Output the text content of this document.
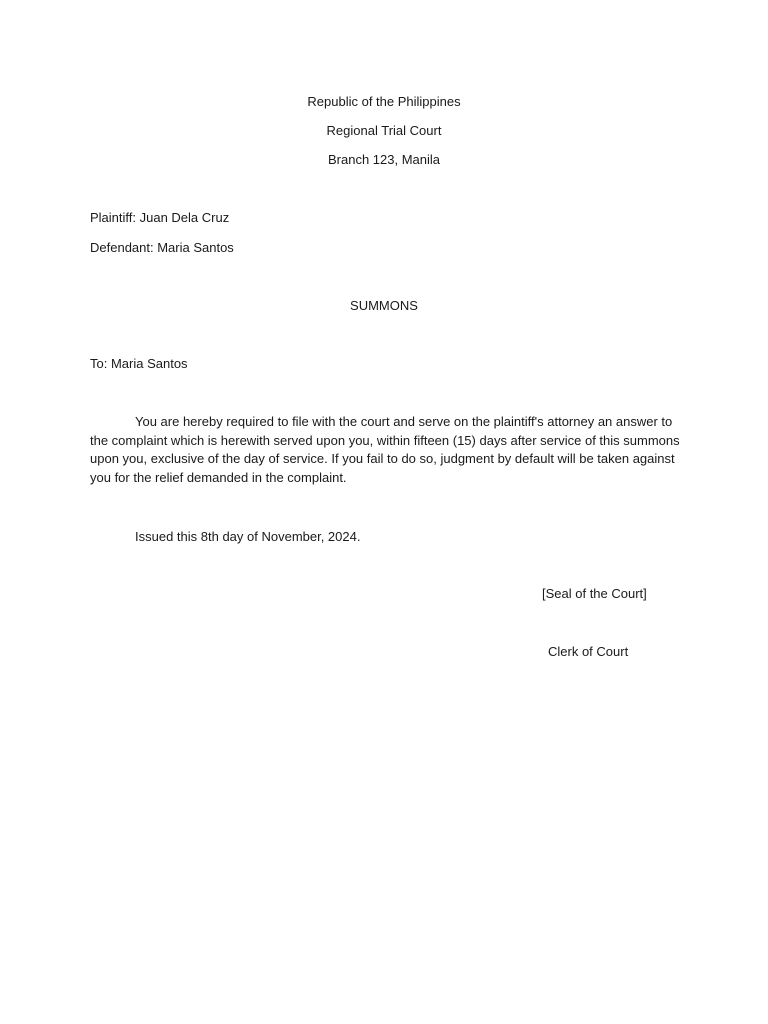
Republic of the Philippines
Regional Trial Court
Branch 123, Manila
Plaintiff: Juan Dela Cruz
Defendant: Maria Santos
SUMMONS
To: Maria Santos

You are hereby required to file with the court and serve on the plaintiff's attorney an answer to the complaint which is herewith served upon you, within fifteen (15) days after service of this summons upon you, exclusive of the day of service. If you fail to do so, judgment by default will be taken against you for the relief demanded in the complaint.

Issued this 8th day of November, 2024.
[Seal of the Court]
Clerk of Court
